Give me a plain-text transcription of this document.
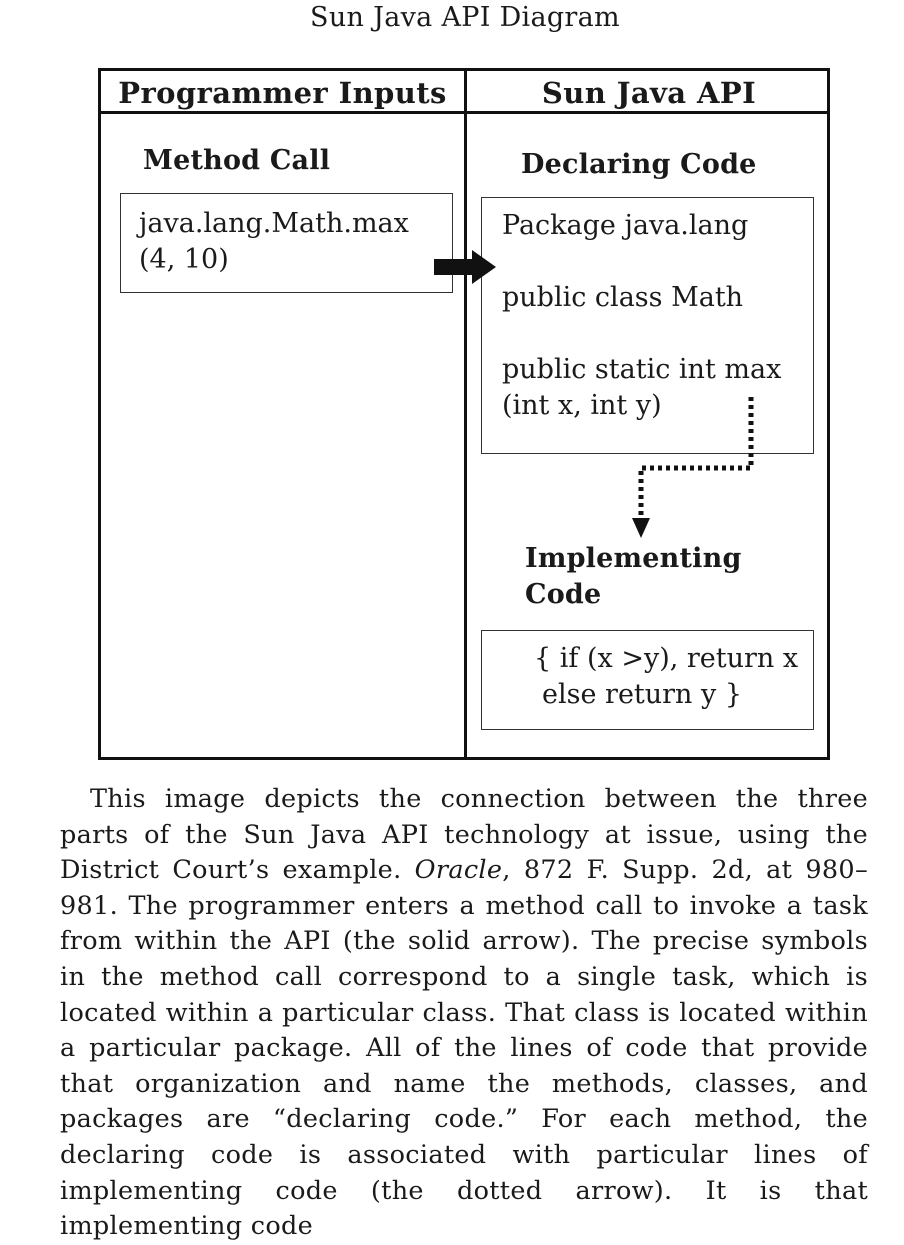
Sun Java API Diagram
Programmer Inputs	Sun Java API
Method Call

java.lang.Math.max

(4, 10)

Declaring Code

Package java.lang

public class Math

public static int max

(int x, int y)

Implementing
Code

{ if (x >y), return x

else return y }

This image depicts the connection between the three parts of the Sun Java API technology at issue, using the District Court’s example. Oracle, 872 F. Supp. 2d, at 980–981. The programmer enters a method call to invoke a task from within the API (the solid arrow). The precise symbols in the method call correspond to a single task, which is located within a particular class. That class is located within a particular package. All of the lines of code that provide that organization and name the methods, classes, and packages are “declaring code.” For each method, the declaring code is associated with particular lines of implementing code (the dotted arrow). It is that implementing code
